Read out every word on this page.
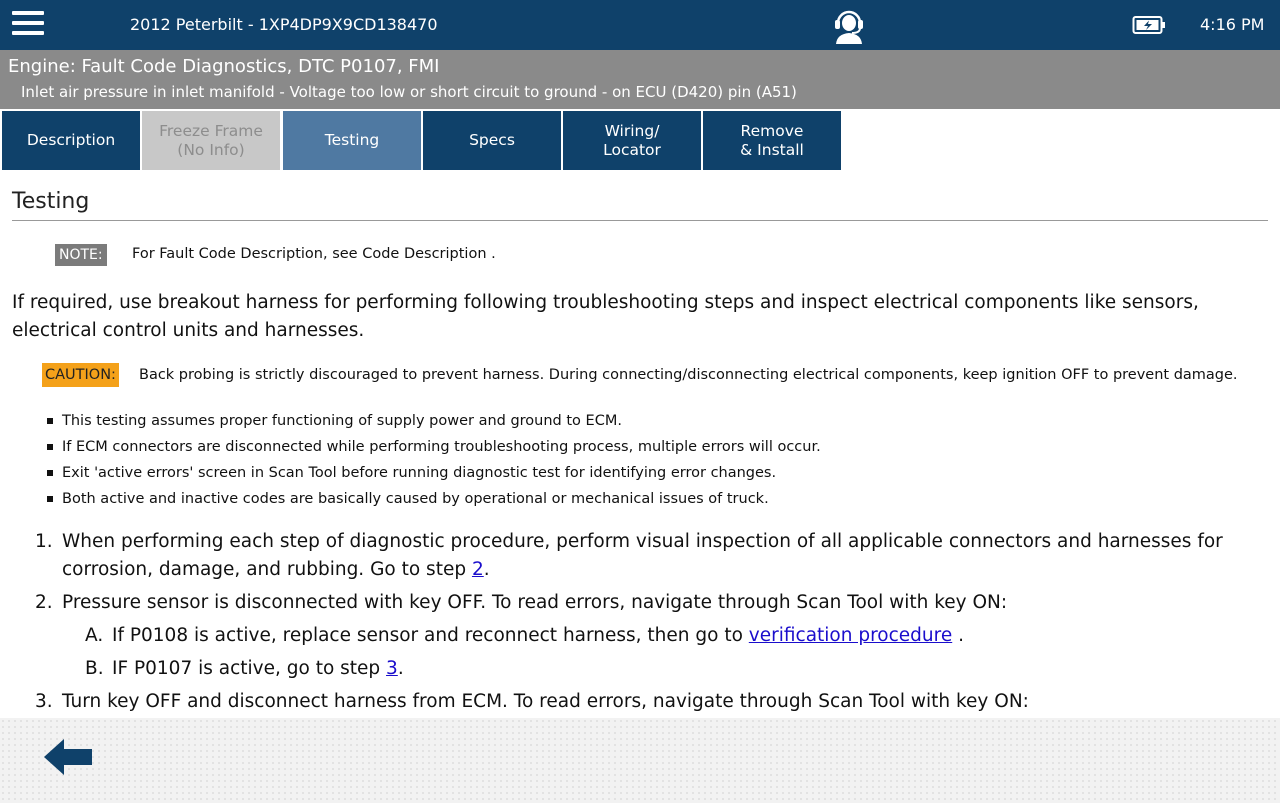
2012 Peterbilt - 1XP4DP9X9CD138470	4:16 PM
Engine: Fault Code Diagnostics, DTC P0107, FMI
Inlet air pressure in inlet manifold - Voltage too low or short circuit to ground - on ECU (D420) pin (A51)
Description
Freeze Frame
(No Info)
Testing	Specs
Wiring/
Locator
Remove
& Install
Testing
NOTE: For Fault Code Description, see Code Description .
If required, use breakout harness for performing following troubleshooting steps and inspect electrical components like sensors, electrical control units and harnesses.
CAUTION: Back probing is strictly discouraged to prevent harness. During connecting/disconnecting electrical components, keep ignition OFF to prevent damage.
This testing assumes proper functioning of supply power and ground to ECM.
If ECM connectors are disconnected while performing troubleshooting process, multiple errors will occur.
Exit 'active errors' screen in Scan Tool before running diagnostic test for identifying error changes.
Both active and inactive codes are basically caused by operational or mechanical issues of truck.
1. When performing each step of diagnostic procedure, perform visual inspection of all applicable connectors and harnesses for corrosion, damage, and rubbing. Go to step 2.
2. Pressure sensor is disconnected with key OFF. To read errors, navigate through Scan Tool with key ON:
A. If P0108 is active, replace sensor and reconnect harness, then go to verification procedure .
B. IF P0107 is active, go to step 3.
3. Turn key OFF and disconnect harness from ECM. To read errors, navigate through Scan Tool with key ON:
